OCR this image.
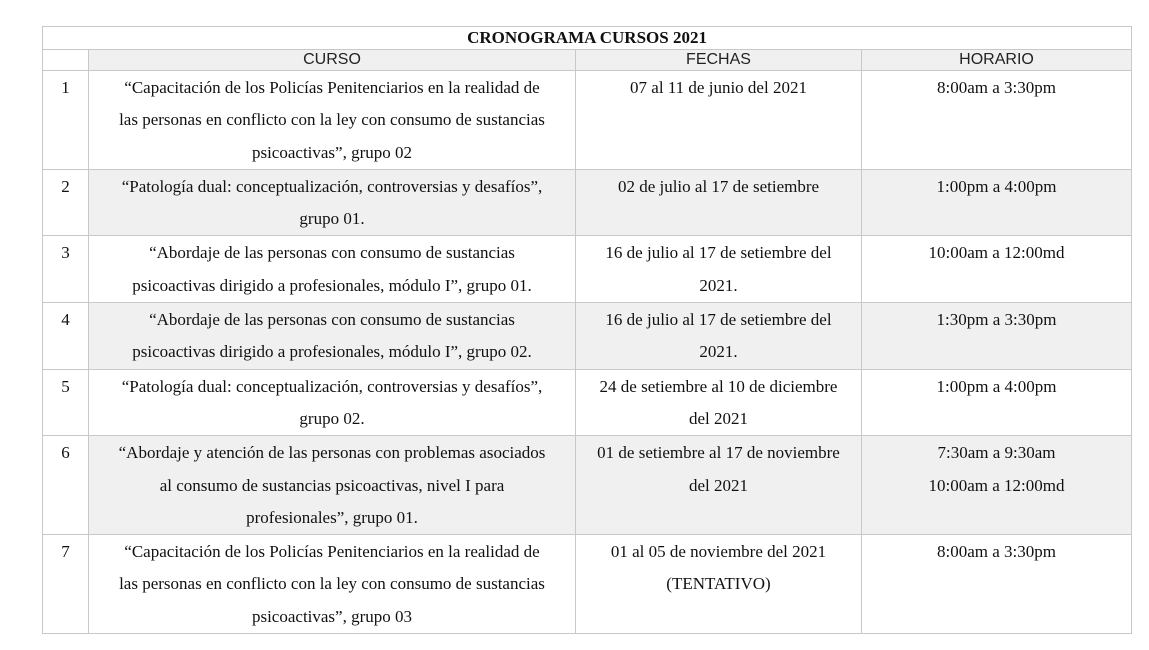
CRONOGRAMA CURSOS 2021			
	CURSO	FECHAS	HORARIO
1	“Capacitación de los Policías Penitenciarios en la realidad de
las personas en conflicto con la ley con consumo de sustancias
psicoactivas”, grupo 02	07 al 11 de junio del 2021	8:00am a 3:30pm

2	“Patología dual: conceptualización, controversias y desafíos”,
grupo 01.	02 de julio al 17 de setiembre	1:00pm a 4:00pm

3	“Abordaje de las personas con consumo de sustancias
psicoactivas dirigido a profesionales, módulo I”, grupo 01.	16 de julio al 17 de setiembre del
2021.	10:00am a 12:00md

4	“Abordaje de las personas con consumo de sustancias
psicoactivas dirigido a profesionales, módulo I”, grupo 02.	16 de julio al 17 de setiembre del
2021.	1:30pm a 3:30pm

5	“Patología dual: conceptualización, controversias y desafíos”,
grupo 02.	24 de setiembre al 10 de diciembre
del 2021	1:00pm a 4:00pm

6	“Abordaje y atención de las personas con problemas asociados
al consumo de sustancias psicoactivas, nivel I para
profesionales”, grupo 01.	01 de setiembre al 17 de noviembre
del 2021	7:30am a 9:30am
10:00am a 12:00md

7	“Capacitación de los Policías Penitenciarios en la realidad de
las personas en conflicto con la ley con consumo de sustancias
psicoactivas”, grupo 03	01 al 05 de noviembre del 2021
(TENTATIVO)	8:00am a 3:30pm
